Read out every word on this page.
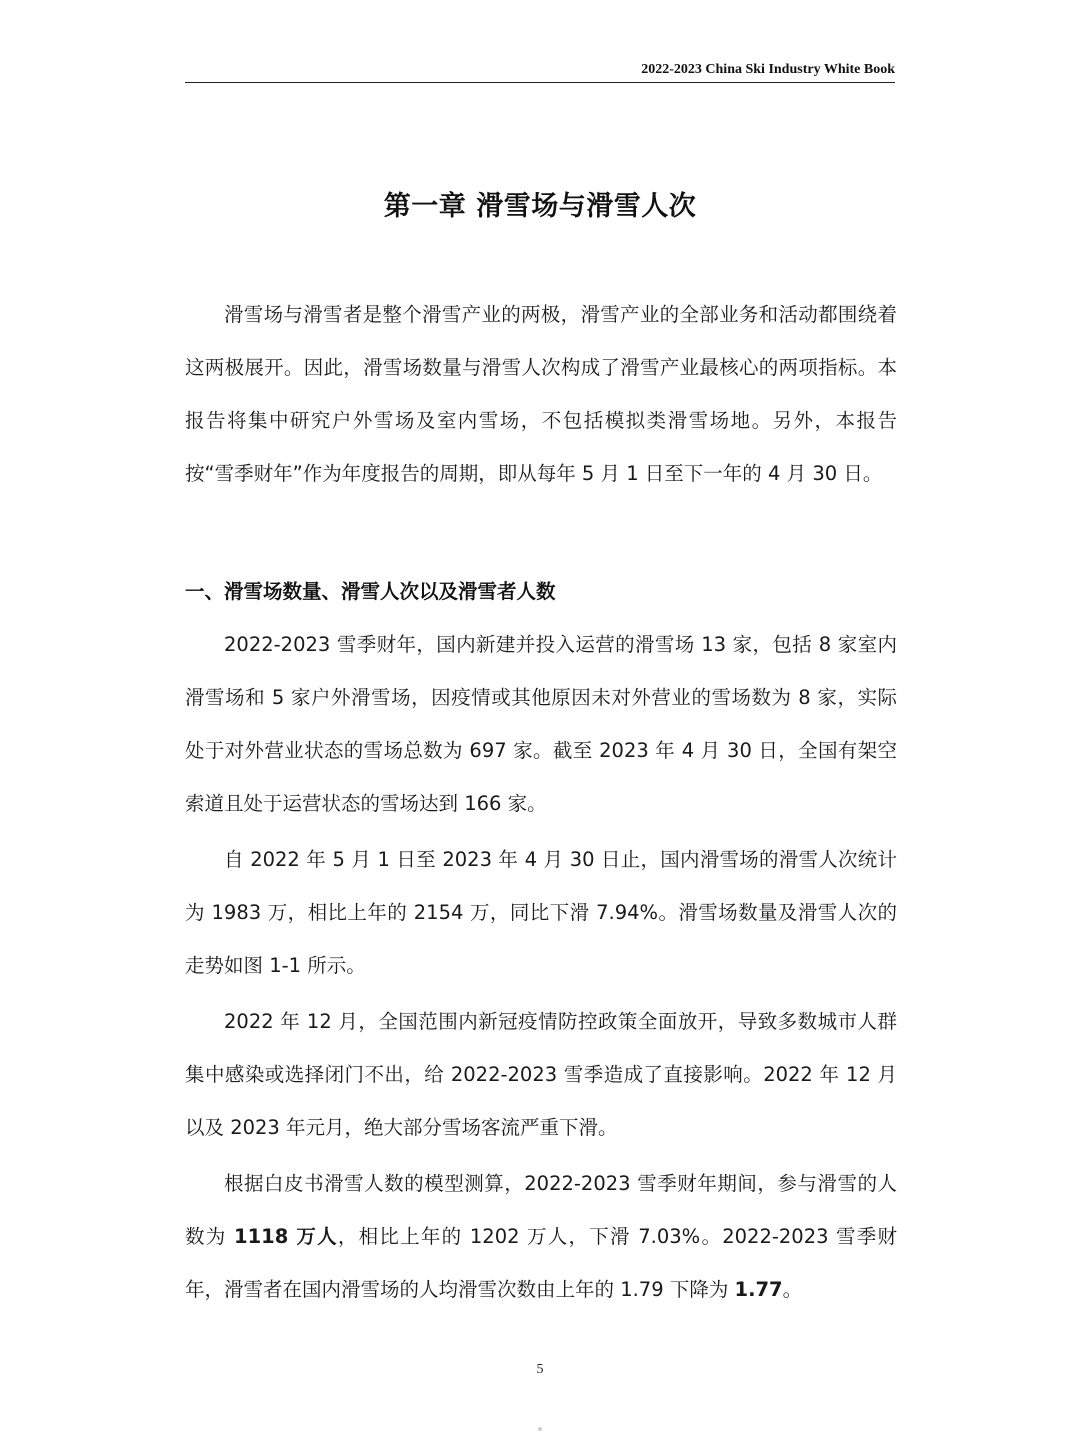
2022-2023 China Ski Industry White Book
第一章 滑雪场与滑雪人次

滑雪场与滑雪者是整个滑雪产业的两极，滑雪产业的全部业务和活动都围绕着这两极展开。因此，滑雪场数量与滑雪人次构成了滑雪产业最核心的两项指标。本报告将集中研究户外雪场及室内雪场，不包括模拟类滑雪场地。另外，本报告按“雪季财年”作为年度报告的周期，即从每年 5 月 1 日至下一年的 4 月 30 日。

一、滑雪场数量、滑雪人次以及滑雪者人数

2022-2023 雪季财年，国内新建并投入运营的滑雪场 13 家，包括 8 家室内滑雪场和 5 家户外滑雪场，因疫情或其他原因未对外营业的雪场数为 8 家，实际处于对外营业状态的雪场总数为 697 家。截至 2023 年 4 月 30 日，全国有架空索道且处于运营状态的雪场达到 166 家。

自 2022 年 5 月 1 日至 2023 年 4 月 30 日止，国内滑雪场的滑雪人次统计为 1983 万，相比上年的 2154 万，同比下滑 7.94%。滑雪场数量及滑雪人次的走势如图 1-1 所示。

2022 年 12 月，全国范围内新冠疫情防控政策全面放开，导致多数城市人群集中感染或选择闭门不出，给 2022-2023 雪季造成了直接影响。2022 年 12 月以及 2023 年元月，绝大部分雪场客流严重下滑。

根据白皮书滑雪人数的模型测算，2022-2023 雪季财年期间，参与滑雪的人数为 1118 万人，相比上年的 1202 万人，下滑 7.03%。2022-2023 雪季财年，滑雪者在国内滑雪场的人均滑雪次数由上年的 1.79 下降为 1.77。

5
